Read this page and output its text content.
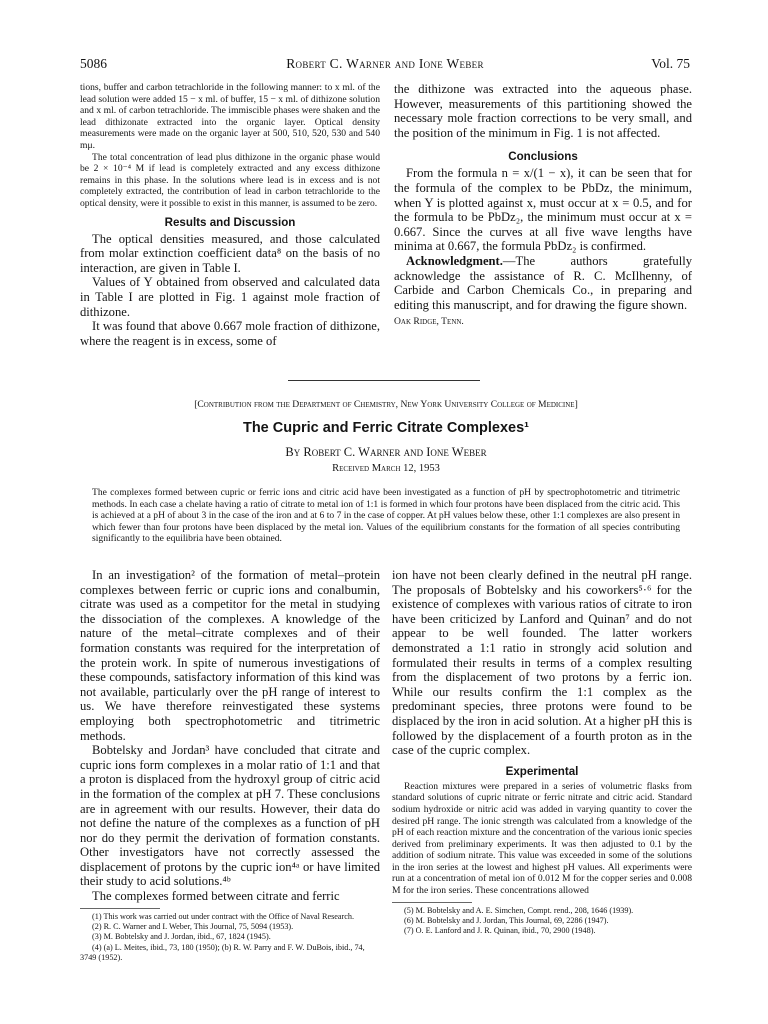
5086	Robert C. Warner and Ione Weber	Vol. 75

tions, buffer and carbon tetrachloride in the following manner: to x ml. of the lead solution were added 15 − x ml. of buffer, 15 − x ml. of dithizone solution and x ml. of carbon tetrachloride. The immiscible phases were shaken and the lead dithizonate extracted into the organic layer. Optical density measurements were made on the organic layer at 500, 510, 520, 530 and 540 mμ.

The total concentration of lead plus dithizone in the organic phase would be 2 × 10⁻⁴ M if lead is completely extracted and any excess dithizone remains in this phase. In the solutions where lead is in excess and is not completely extracted, the contribution of lead in carbon tetrachloride to the optical density, were it possible to exist in this manner, is assumed to be zero.

Results and Discussion

The optical densities measured, and those calculated from molar extinction coefficient data⁸ on the basis of no interaction, are given in Table I.

Values of Y obtained from observed and calculated data in Table I are plotted in Fig. 1 against mole fraction of dithizone.

It was found that above 0.667 mole fraction of dithizone, where the reagent is in excess, some of

the dithizone was extracted into the aqueous phase. However, measurements of this partitioning showed the necessary mole fraction corrections to be very small, and the position of the minimum in Fig. 1 is not affected.

Conclusions

From the formula n = x/(1 − x), it can be seen that for the formula of the complex to be PbDz, the minimum, when Y is plotted against x, must occur at x = 0.5, and for the formula to be PbDz₂, the minimum must occur at x = 0.667. Since the curves at all five wave lengths have minima at 0.667, the formula PbDz₂ is confirmed.

Acknowledgment.—The authors gratefully acknowledge the assistance of R. C. McIlhenny, of Carbide and Carbon Chemicals Co., in preparing and editing this manuscript, and for drawing the figure shown.

Oak Ridge, Tenn.

[Contribution from the Department of Chemistry, New York University College of Medicine]
The Cupric and Ferric Citrate Complexes¹
By Robert C. Warner and Ione Weber
Received March 12, 1953
The complexes formed between cupric or ferric ions and citric acid have been investigated as a function of pH by spectrophotometric and titrimetric methods. In each case a chelate having a ratio of citrate to metal ion of 1:1 is formed in which four protons have been displaced from the citric acid. This is achieved at a pH of about 3 in the case of the iron and at 6 to 7 in the case of copper. At pH values below these, other 1:1 complexes are also present in which fewer than four protons have been displaced by the metal ion. Values of the equilibrium constants for the formation of all species contributing significantly to the equilibria have been obtained.

In an investigation² of the formation of metal–protein complexes between ferric or cupric ions and conalbumin, citrate was used as a competitor for the metal in studying the dissociation of the complexes. A knowledge of the nature of the metal–citrate complexes and of their formation constants was required for the interpretation of the protein work. In spite of numerous investigations of these compounds, satisfactory information of this kind was not available, particularly over the pH range of interest to us. We have therefore reinvestigated these systems employing both spectrophotometric and titrimetric methods.

Bobtelsky and Jordan³ have concluded that citrate and cupric ions form complexes in a molar ratio of 1:1 and that a proton is displaced from the hydroxyl group of citric acid in the formation of the complex at pH 7. These conclusions are in agreement with our results. However, their data do not define the nature of the complexes as a function of pH nor do they permit the derivation of formation constants. Other investigators have not correctly assessed the displacement of protons by the cupric ion⁴ᵃ or have limited their study to acid solutions.⁴ᵇ

The complexes formed between citrate and ferric

(1) This work was carried out under contract with the Office of Naval Research.
(2) R. C. Warner and I. Weber, This Journal, 75, 5094 (1953).
(3) M. Bobtelsky and J. Jordan, ibid., 67, 1824 (1945).
(4) (a) L. Meites, ibid., 73, 180 (1950); (b) R. W. Parry and F. W. DuBois, ibid., 74, 3749 (1952).

ion have not been clearly defined in the neutral pH range. The proposals of Bobtelsky and his coworkers⁵·⁶ for the existence of complexes with various ratios of citrate to iron have been criticized by Lanford and Quinan⁷ and do not appear to be well founded. The latter workers demonstrated a 1:1 ratio in strongly acid solution and formulated their results in terms of a complex resulting from the displacement of two protons by a ferric ion. While our results confirm the 1:1 complex as the predominant species, three protons were found to be displaced by the iron in acid solution. At a higher pH this is followed by the displacement of a fourth proton as in the case of the cupric complex.

Experimental

Reaction mixtures were prepared in a series of volumetric flasks from standard solutions of cupric nitrate or ferric nitrate and citric acid. Standard sodium hydroxide or nitric acid was added in varying quantity to cover the desired pH range. The ionic strength was calculated from a knowledge of the pH of each reaction mixture and the concentration of the various ionic species derived from preliminary experiments. It was then adjusted to 0.1 by the addition of sodium nitrate. This value was exceeded in some of the solutions in the iron series at the lowest and highest pH values. All experiments were run at a concentration of metal ion of 0.012 M for the copper series and 0.008 M for the iron series. These concentrations allowed

(5) M. Bobtelsky and A. E. Simchen, Compt. rend., 208, 1646 (1939).
(6) M. Bobtelsky and J. Jordan, This Journal, 69, 2286 (1947).
(7) O. E. Lanford and J. R. Quinan, ibid., 70, 2900 (1948).
